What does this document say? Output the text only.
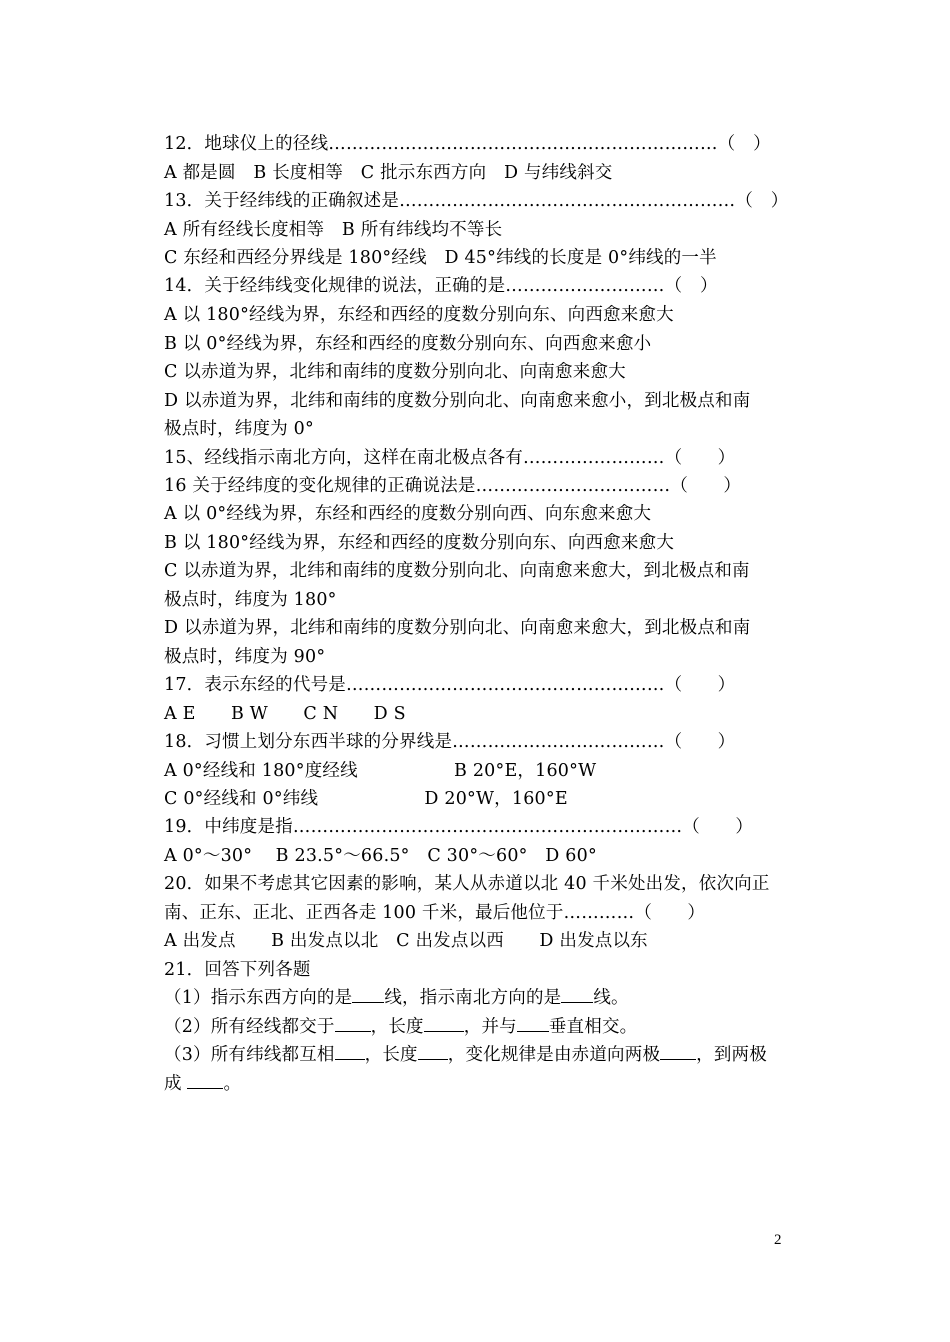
12．地球仪上的径线…………………………………………………………（　）
A 都是圆　B 长度相等　C 批示东西方向　D 与纬线斜交
13．关于经纬线的正确叙述是…………………………………………………（　）
A 所有经线长度相等　B 所有纬线均不等长
C 东经和西经分界线是 180°经线　D 45°纬线的长度是 0°纬线的一半
14．关于经纬线变化规律的说法，正确的是………………………（　）
A 以 180°经线为界，东经和西经的度数分别向东、向西愈来愈大
B 以 0°经线为界，东经和西经的度数分别向东、向西愈来愈小
C 以赤道为界，北纬和南纬的度数分别向北、向南愈来愈大
D 以赤道为界，北纬和南纬的度数分别向北、向南愈来愈小，到北极点和南
极点时，纬度为 0°
15、经线指示南北方向，这样在南北极点各有……………………（　　）
16 关于经纬度的变化规律的正确说法是……………………………（　　）
A 以 0°经线为界，东经和西经的度数分别向西、向东愈来愈大
B 以 180°经线为界，东经和西经的度数分别向东、向西愈来愈大
C 以赤道为界，北纬和南纬的度数分别向北、向南愈来愈大，到北极点和南
极点时，纬度为 180°
D 以赤道为界，北纬和南纬的度数分别向北、向南愈来愈大，到北极点和南
极点时，纬度为 90°
17．表示东经的代号是………………………………………………（　　）
A E　　B W　　C N　　D S
18．习惯上划分东西半球的分界线是………………………………（　　）
A 0°经线和 180°度经线	B 20°E，160°W
C 0°经线和 0°纬线　　　　　　D 20°W，160°E
19．中纬度是指…………………………………………………………（　　）
A 0°～30°　 B 23.5°～66.5°　C 30°～60°　D 60°
20．如果不考虑其它因素的影响，某人从赤道以北 40 千米处出发，依次向正
南、正东、正北、正西各走 100 千米，最后他位于…………（　　）
A 出发点　　B 出发点以北　C 出发点以西　　D 出发点以东
21．回答下列各题
（1）指示东西方向的是 线，指示南北方向的是 线。
（2）所有经线都交于 ，长度 ，并与 垂直相交。
（3）所有纬线都互相 ，长度 ，变化规律是由赤道向两极 ，到两极
成 。
2
